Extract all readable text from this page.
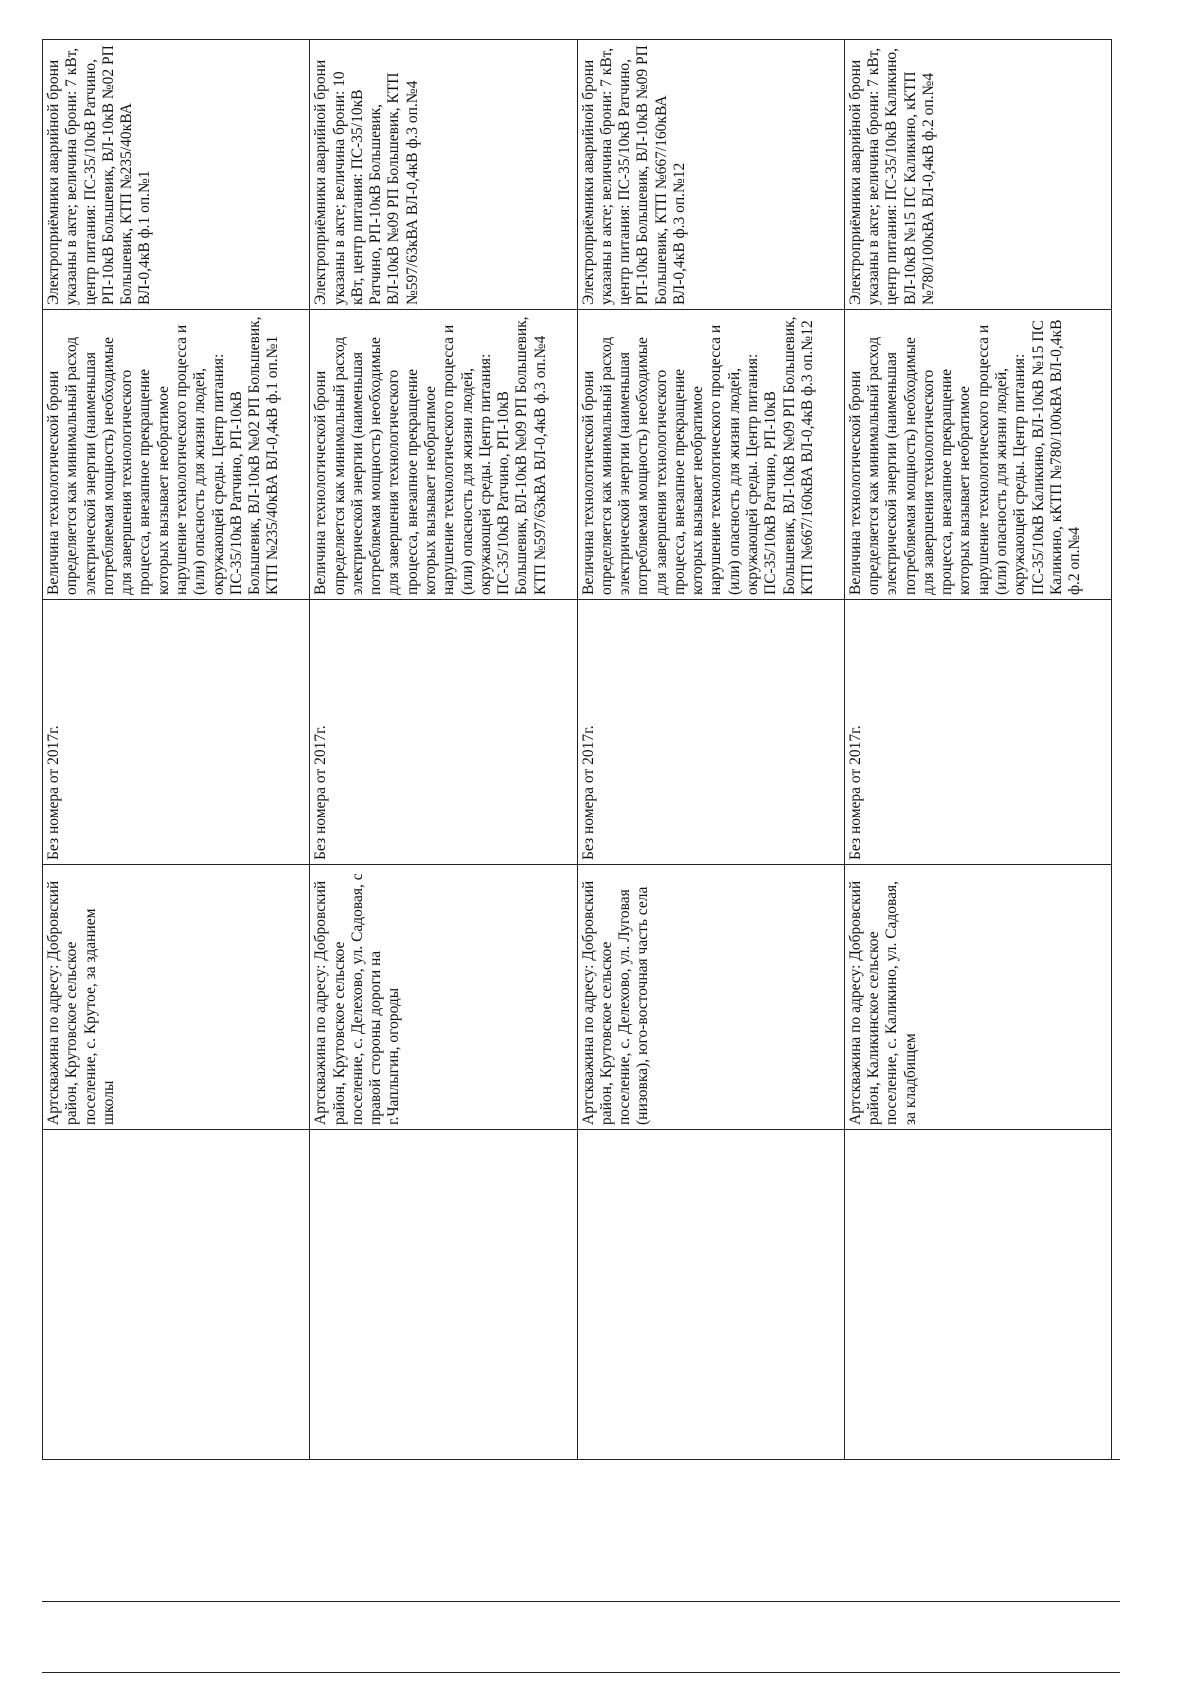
	Артскважина по адресу: Добровский район, Крутовское сельское поселение, с. Крутое, за зданием школы	Без номера от 2017г.	Величина технологической брони определяется как минимальный расход электрической энергии (наименьшая потребляемая мощность) необходимые для завершения технологического процесса, внезапное прекращение которых вызывает необратимое нарушение технологического процесса и (или) опасность для жизни людей, окружающей среды. Центр питания: ПС-35/10кВ Ратчино, РП-10кВ Большевик, ВЛ-10кВ №02 РП Большевик, КТП №235/40кВА ВЛ-0,4кВ ф.1 оп.№1	Электроприёмники аварийной брони указаны в акте; величина брони: 7 кВт, центр питания: ПС-35/10кВ Ратчино, РП-10кВ Большевик, ВЛ-10кВ №02 РП Большевик, КТП №235/40кВА ВЛ-0,4кВ ф.1 оп.№1
	Артскважина по адресу: Добровский район, Крутовское сельское поселение, с. Делехово, ул. Садовая, с правой стороны дороги на г.Чаплыгин, огороды	Без номера от 2017г.	Величина технологической брони определяется как минимальный расход электрической энергии (наименьшая потребляемая мощность) необходимые для завершения технологического процесса, внезапное прекращение которых вызывает необратимое нарушение технологического процесса и (или) опасность для жизни людей, окружающей среды. Центр питания: ПС-35/10кВ Ратчино, РП-10кВ Большевик, ВЛ-10кВ №09 РП Большевик, КТП №597/63кВА ВЛ-0,4кВ ф.3 оп.№4	Электроприёмники аварийной брони указаны в акте; величина брони: 10 кВт, центр питания: ПС-35/10кВ Ратчино, РП-10кВ Большевик, ВЛ-10кВ №09 РП Большевик, КТП №597/63кВА ВЛ-0,4кВ ф.3 оп.№4
	Артскважина по адресу: Добровский район, Крутовское сельское поселение, с. Делехово, ул. Луговая (низовка), юго-восточная часть села	Без номера от 2017г.	Величина технологической брони определяется как минимальный расход электрической энергии (наименьшая потребляемая мощность) необходимые для завершения технологического процесса, внезапное прекращение которых вызывает необратимое нарушение технологического процесса и (или) опасность для жизни людей, окружающей среды. Центр питания: ПС-35/10кВ Ратчино, РП-10кВ Большевик, ВЛ-10кВ №09 РП Большевик, КТП №667/160кВА ВЛ-0,4кВ ф.3 оп.№12	Электроприёмники аварийной брони указаны в акте; величина брони: 7 кВт, центр питания: ПС-35/10кВ Ратчино, РП-10кВ Большевик, ВЛ-10кВ №09 РП Большевик, КТП №667/160кВА ВЛ-0,4кВ ф.3 оп.№12
	Артскважина по адресу: Добровский район, Каликинское сельское поселение, с. Каликино, ул. Садовая, за кладбищем	Без номера от 2017г.	Величина технологической брони определяется как минимальный расход электрической энергии (наименьшая потребляемая мощность) необходимые для завершения технологического процесса, внезапное прекращение которых вызывает необратимое нарушение технологического процесса и (или) опасность для жизни людей, окружающей среды. Центр питания: ПС-35/10кВ Каликино, ВЛ-10кВ №15 ПС Каликино, кКТП №780/100кВА ВЛ-0,4кВ ф.2 оп.№4	Электроприёмники аварийной брони указаны в акте; величина брони: 7 кВт, центр питания: ПС-35/10кВ Каликино, ВЛ-10кВ №15 ПС Каликино, кКТП №780/100кВА ВЛ-0,4кВ ф.2 оп.№4
